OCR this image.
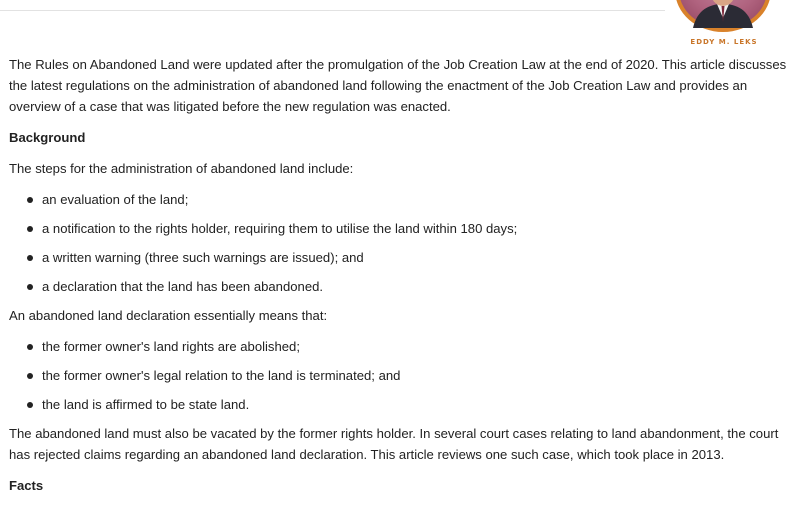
EDDY M. LEKS

The Rules on Abandoned Land were updated after the promulgation of the Job Creation Law at the end of 2020. This article discusses the latest regulations on the administration of abandoned land following the enactment of the Job Creation Law and provides an overview of a case that was litigated before the new regulation was enacted.

Background

The steps for the administration of abandoned land include:

an evaluation of the land;
a notification to the rights holder, requiring them to utilise the land within 180 days;
a written warning (three such warnings are issued); and
a declaration that the land has been abandoned.

An abandoned land declaration essentially means that:

the former owner's land rights are abolished;
the former owner's legal relation to the land is terminated; and
the land is affirmed to be state land.

The abandoned land must also be vacated by the former rights holder. In several court cases relating to land abandonment, the court has rejected claims regarding an abandoned land declaration. This article reviews one such case, which took place in 2013.

Facts
